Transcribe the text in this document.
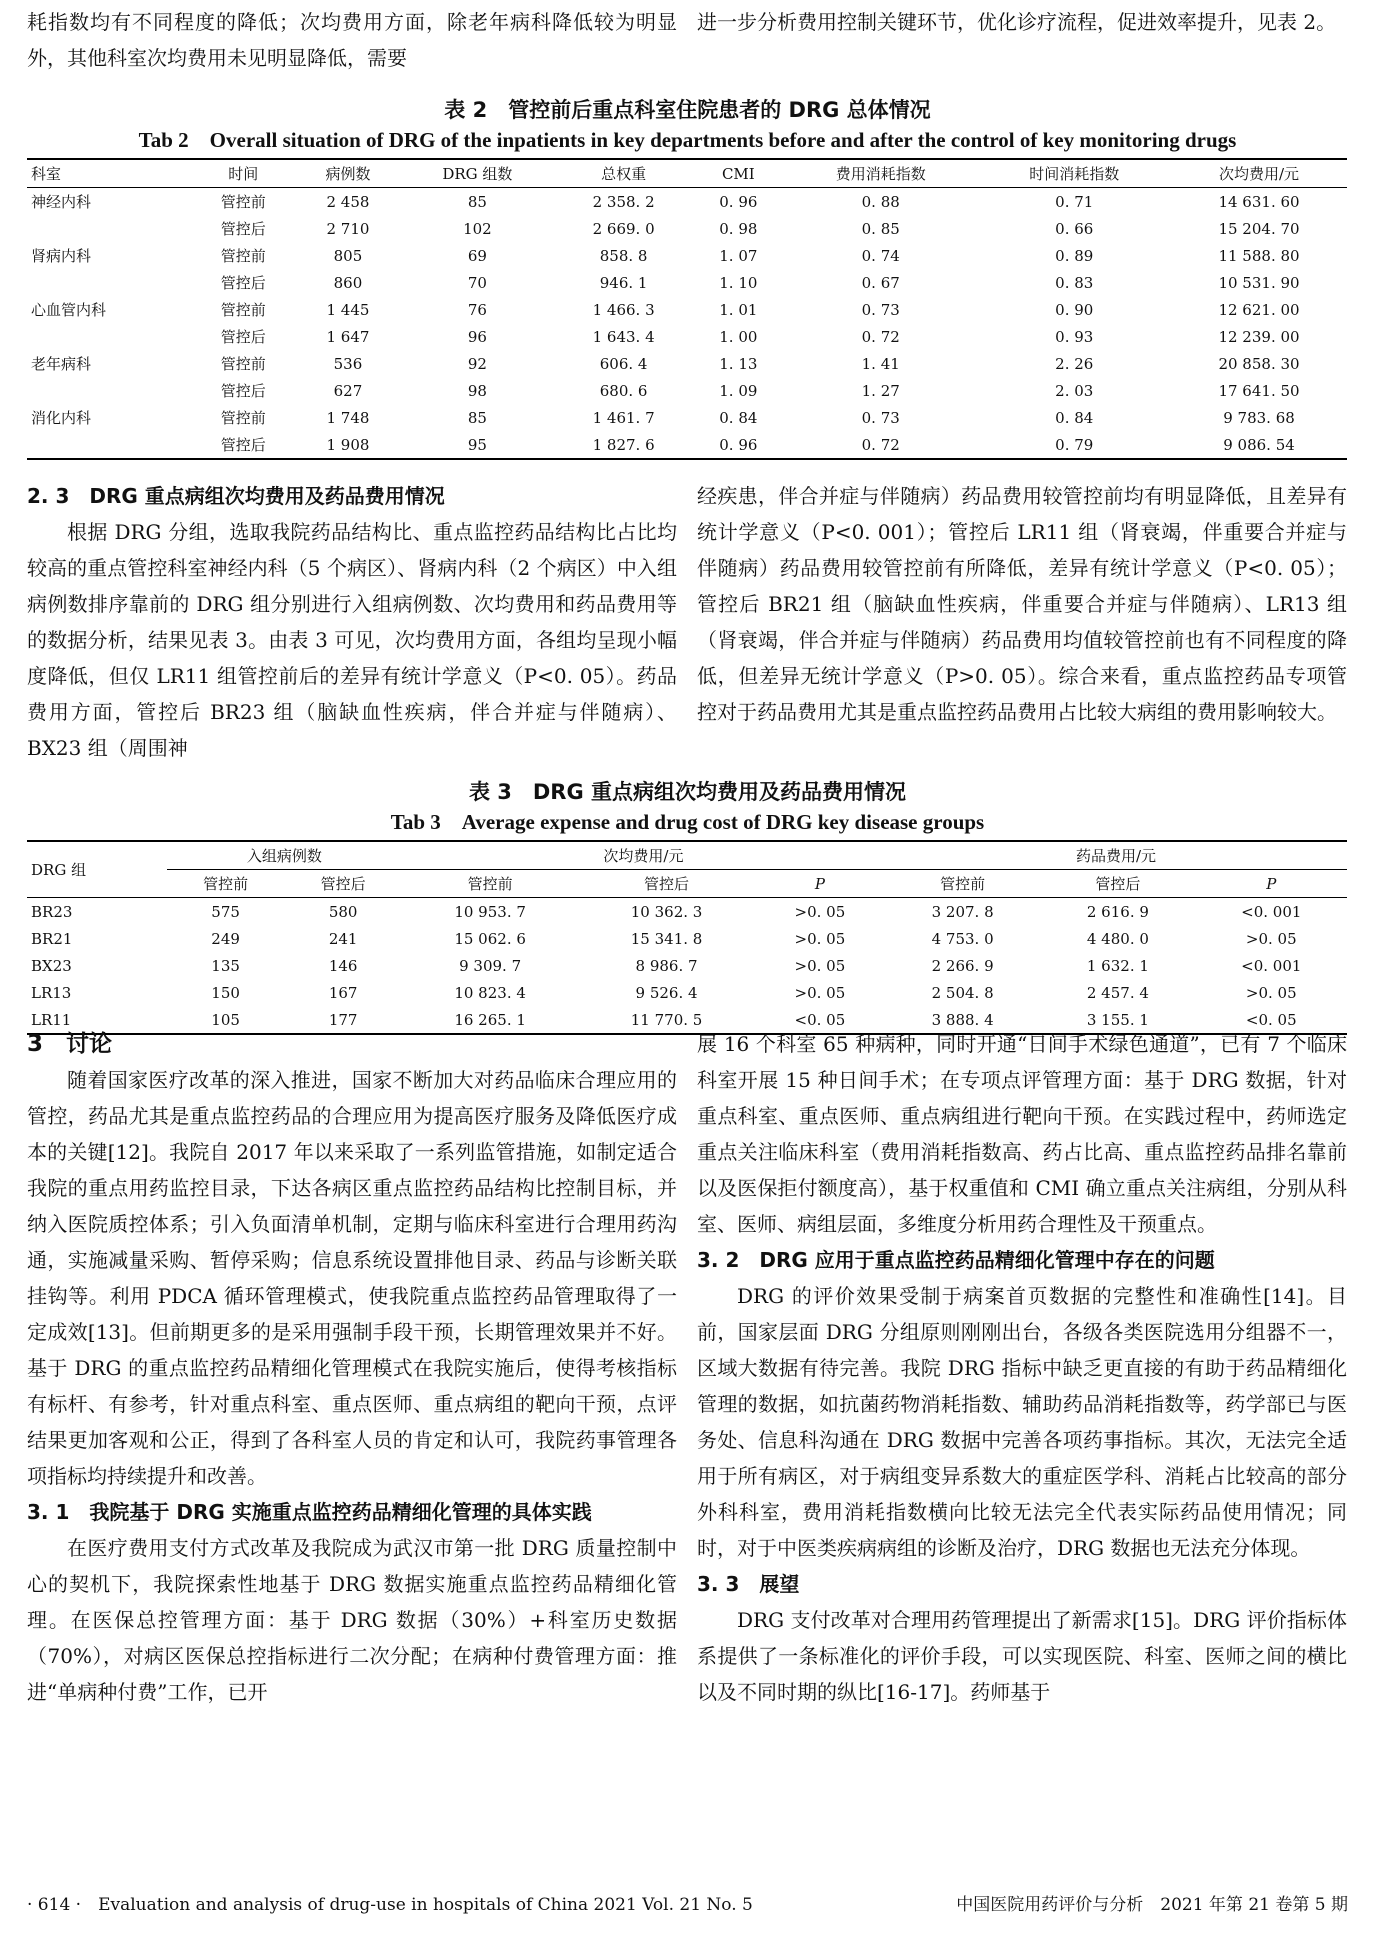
耗指数均有不同程度的降低；次均费用方面，除老年病科降低较为明显外，其他科室次均费用未见明显降低，需要

进一步分析费用控制关键环节，优化诊疗流程，促进效率提升，见表 2。

表 2　管控前后重点科室住院患者的 DRG 总体情况
Tab 2　Overall situation of DRG of the inpatients in key departments before and after the control of key monitoring drugs
科室	时间	病例数	DRG 组数	总权重	CMI	费用消耗指数	时间消耗指数	次均费用/元
神经内科	管控前	2 458	85	2 358. 2	0. 96	0. 88	0. 71	14 631. 60
	管控后	2 710	102	2 669. 0	0. 98	0. 85	0. 66	15 204. 70
肾病内科	管控前	805	69	858. 8	1. 07	0. 74	0. 89	11 588. 80
	管控后	860	70	946. 1	1. 10	0. 67	0. 83	10 531. 90
心血管内科	管控前	1 445	76	1 466. 3	1. 01	0. 73	0. 90	12 621. 00
	管控后	1 647	96	1 643. 4	1. 00	0. 72	0. 93	12 239. 00
老年病科	管控前	536	92	606. 4	1. 13	1. 41	2. 26	20 858. 30
	管控后	627	98	680. 6	1. 09	1. 27	2. 03	17 641. 50
消化内科	管控前	1 748	85	1 461. 7	0. 84	0. 73	0. 84	9 783. 68
	管控后	1 908	95	1 827. 6	0. 96	0. 72	0. 79	9 086. 54

2. 3　DRG 重点病组次均费用及药品费用情况

根据 DRG 分组，选取我院药品结构比、重点监控药品结构比占比均较高的重点管控科室神经内科（5 个病区）、肾病内科（2 个病区）中入组病例数排序靠前的 DRG 组分别进行入组病例数、次均费用和药品费用等的数据分析，结果见表 3。由表 3 可见，次均费用方面，各组均呈现小幅度降低，但仅 LR11 组管控前后的差异有统计学意义（P<0. 05）。药品费用方面，管控后 BR23 组（脑缺血性疾病，伴合并症与伴随病）、BX23 组（周围神

经疾患，伴合并症与伴随病）药品费用较管控前均有明显降低，且差异有统计学意义（P<0. 001）；管控后 LR11 组（肾衰竭，伴重要合并症与伴随病）药品费用较管控前有所降低，差异有统计学意义（P<0. 05）；管控后 BR21 组（脑缺血性疾病，伴重要合并症与伴随病）、LR13 组（肾衰竭，伴合并症与伴随病）药品费用均值较管控前也有不同程度的降低，但差异无统计学意义（P>0. 05）。综合来看，重点监控药品专项管控对于药品费用尤其是重点监控药品费用占比较大病组的费用影响较大。

表 3　DRG 重点病组次均费用及药品费用情况
Tab 3　Average expense and drug cost of DRG key disease groups
DRG 组	入组病例数		次均费用/元			药品费用/元		
	管控前	管控后	管控前	管控后	P	管控前	管控后	P
BR23	575	580	10 953. 7	10 362. 3	>0. 05	3 207. 8	2 616. 9	<0. 001
BR21	249	241	15 062. 6	15 341. 8	>0. 05	4 753. 0	4 480. 0	>0. 05
BX23	135	146	9 309. 7	8 986. 7	>0. 05	2 266. 9	1 632. 1	<0. 001
LR13	150	167	10 823. 4	9 526. 4	>0. 05	2 504. 8	2 457. 4	>0. 05
LR11	105	177	16 265. 1	11 770. 5	<0. 05	3 888. 4	3 155. 1	<0. 05

3　讨论

随着国家医疗改革的深入推进，国家不断加大对药品临床合理应用的管控，药品尤其是重点监控药品的合理应用为提高医疗服务及降低医疗成本的关键[12]。我院自 2017 年以来采取了一系列监管措施，如制定适合我院的重点用药监控目录，下达各病区重点监控药品结构比控制目标，并纳入医院质控体系；引入负面清单机制，定期与临床科室进行合理用药沟通，实施减量采购、暂停采购；信息系统设置排他目录、药品与诊断关联挂钩等。利用 PDCA 循环管理模式，使我院重点监控药品管理取得了一定成效[13]。但前期更多的是采用强制手段干预，长期管理效果并不好。基于 DRG 的重点监控药品精细化管理模式在我院实施后，使得考核指标有标杆、有参考，针对重点科室、重点医师、重点病组的靶向干预，点评结果更加客观和公正，得到了各科室人员的肯定和认可，我院药事管理各项指标均持续提升和改善。

3. 1　我院基于 DRG 实施重点监控药品精细化管理的具体实践

在医疗费用支付方式改革及我院成为武汉市第一批 DRG 质量控制中心的契机下，我院探索性地基于 DRG 数据实施重点监控药品精细化管理。在医保总控管理方面：基于 DRG 数据（30%）+科室历史数据（70%），对病区医保总控指标进行二次分配；在病种付费管理方面：推进“单病种付费”工作，已开

展 16 个科室 65 种病种，同时开通“日间手术绿色通道”，已有 7 个临床科室开展 15 种日间手术；在专项点评管理方面：基于 DRG 数据，针对重点科室、重点医师、重点病组进行靶向干预。在实践过程中，药师选定重点关注临床科室（费用消耗指数高、药占比高、重点监控药品排名靠前以及医保拒付额度高），基于权重值和 CMI 确立重点关注病组，分别从科室、医师、病组层面，多维度分析用药合理性及干预重点。

3. 2　DRG 应用于重点监控药品精细化管理中存在的问题

DRG 的评价效果受制于病案首页数据的完整性和准确性[14]。目前，国家层面 DRG 分组原则刚刚出台，各级各类医院选用分组器不一，区域大数据有待完善。我院 DRG 指标中缺乏更直接的有助于药品精细化管理的数据，如抗菌药物消耗指数、辅助药品消耗指数等，药学部已与医务处、信息科沟通在 DRG 数据中完善各项药事指标。其次，无法完全适用于所有病区，对于病组变异系数大的重症医学科、消耗占比较高的部分外科科室，费用消耗指数横向比较无法完全代表实际药品使用情况；同时，对于中医类疾病病组的诊断及治疗，DRG 数据也无法充分体现。

3. 3　展望

DRG 支付改革对合理用药管理提出了新需求[15]。DRG 评价指标体系提供了一条标准化的评价手段，可以实现医院、科室、医师之间的横比以及不同时期的纵比[16-17]。药师基于

· 614 ·　Evaluation and analysis of drug-use in hospitals of China 2021 Vol. 21 No. 5	中国医院用药评价与分析　2021 年第 21 卷第 5 期
